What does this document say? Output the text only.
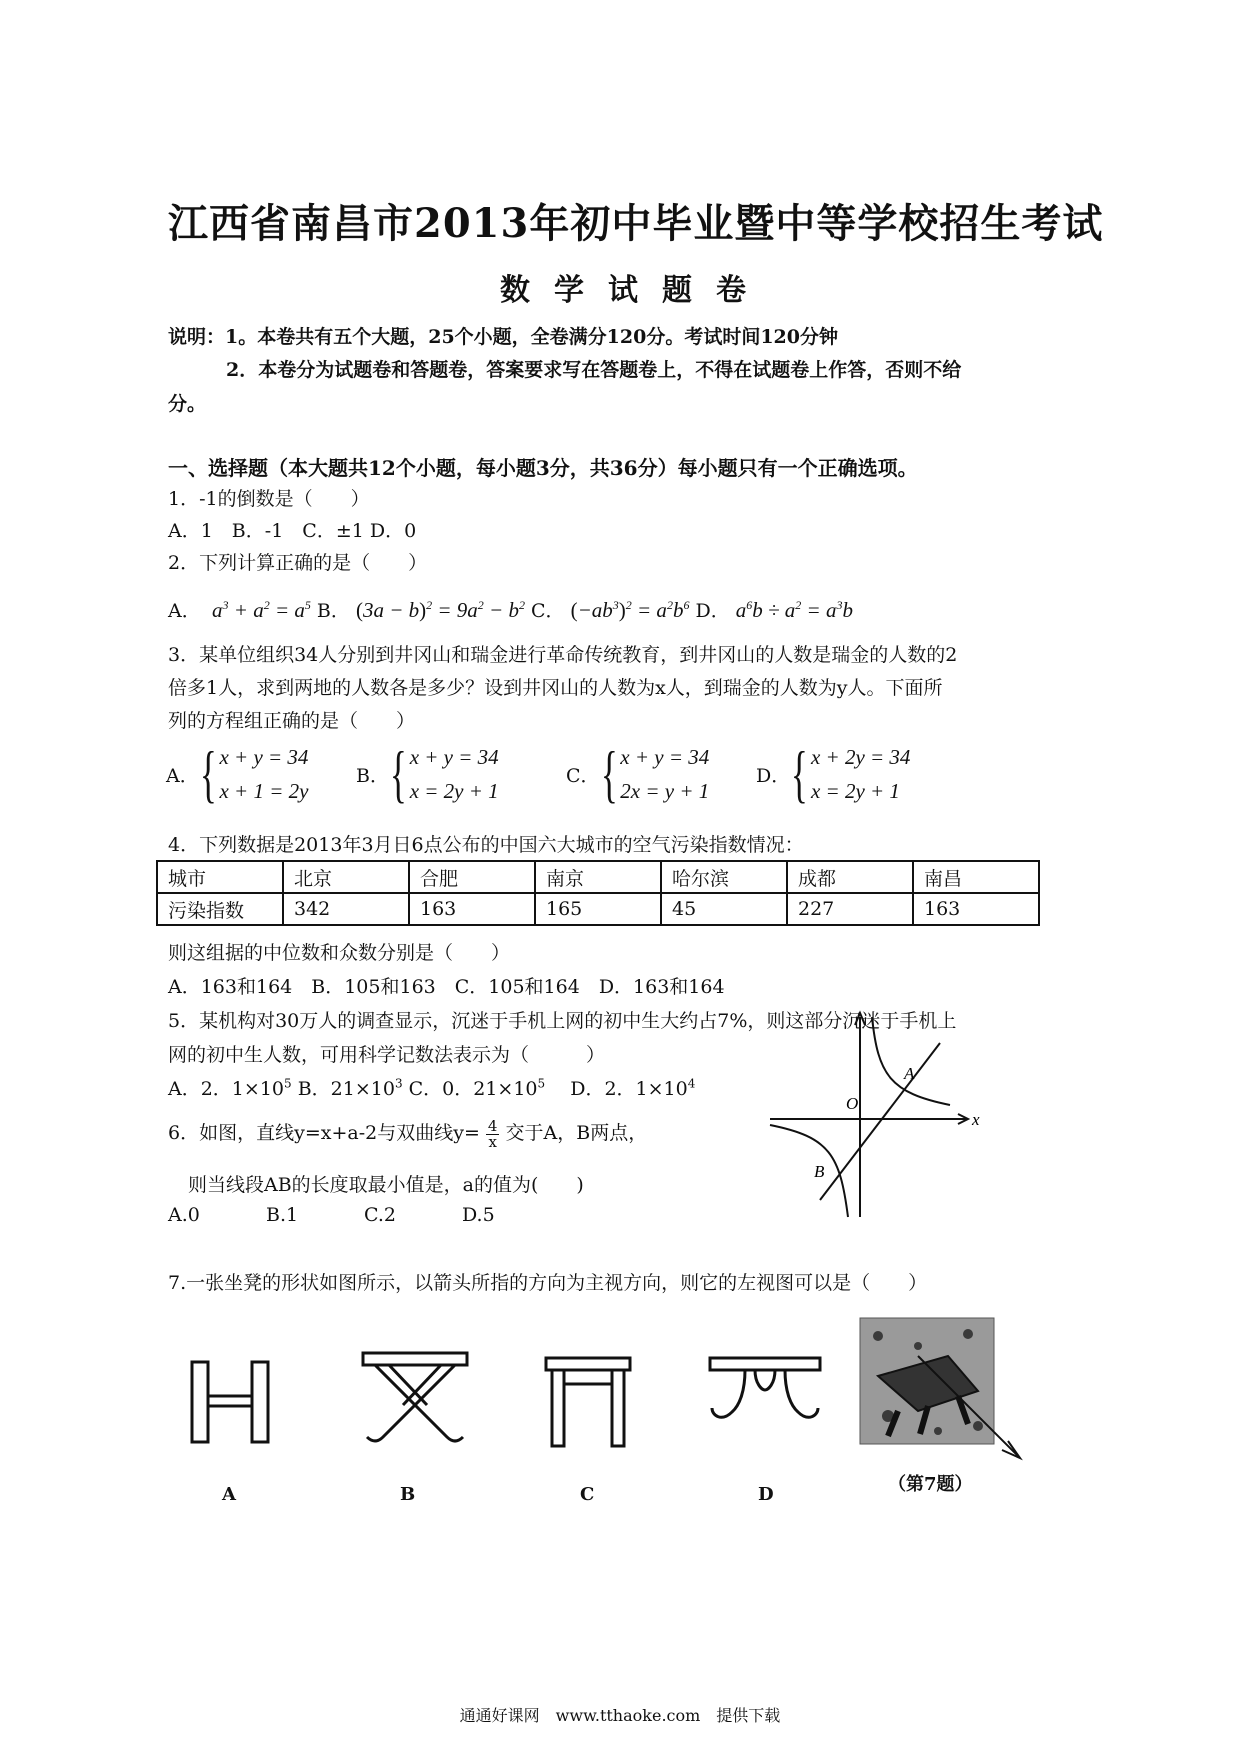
江西省南昌市2013年初中毕业暨中等学校招生考试
数学试题卷
说明：1。本卷共有五个大题，25个小题，全卷满分120分。考试时间120分钟
2．本卷分为试题卷和答题卷，答案要求写在答题卷上，不得在试题卷上作答，否则不给
分。
一、选择题（本大题共12个小题，每小题3分，共36分）每小题只有一个正确选项。
1．-1的倒数是（　　）
A．1　B．-1　C．±1 D．0
2．下列计算正确的是（　　）
A．  $a^3 + a^2 = a^5$ B． $(3a - b)^2 = 9a^2 - b^2$ C． $(-ab^3)^2 = a^2b^6$ D． $a^6b \div a^2 = a^3b$
3．某单位组织34人分别到井冈山和瑞金进行革命传统教育，到井冈山的人数是瑞金的人数的2
倍多1人，求到两地的人数各是多少？设到井冈山的人数为x人，到瑞金的人数为y人。下面所
列的方程组正确的是（　　）
A． { x + y = 34
x + 1 = 2y
B． { x + y = 34
x = 2y + 1
C． { x + y = 34
2x = y + 1
D． { x + 2y = 34
x = 2y + 1
4．下列数据是2013年3月日6点公布的中国六大城市的空气污染指数情况：
城市	北京	合肥	南京	哈尔滨	成都	南昌
污染指数	342	163	165	45	227	163
则这组据的中位数和众数分别是（　　）
A．163和164　B．105和163　C．105和164　D．163和164
5．某机构对30万人的调查显示，沉迷于手机上网的初中生大约占7%，则这部分沉迷于手机上
网的初中生人数，可用科学记数法表示为（　　　）
A．2．$1\times 10^5$ B．$21\times 10^3$ C．0．$21\times 10^5$ 　D．2．$1\times 10^4$
6．如图，直线y=x+a-2与双曲线$y= \frac{4}{x}$ 交于A，B两点，
则当线段AB的长度取最小值是，a的值为(　　)
A.0	B.1	C.2	D.5
O
x
A
B
7.一张坐凳的形状如图所示，以箭头所指的方向为主视方向，则它的左视图可以是（　　）
A	B	C	D	（第7题）
通通好课网　www.tthaoke.com　提供下载
